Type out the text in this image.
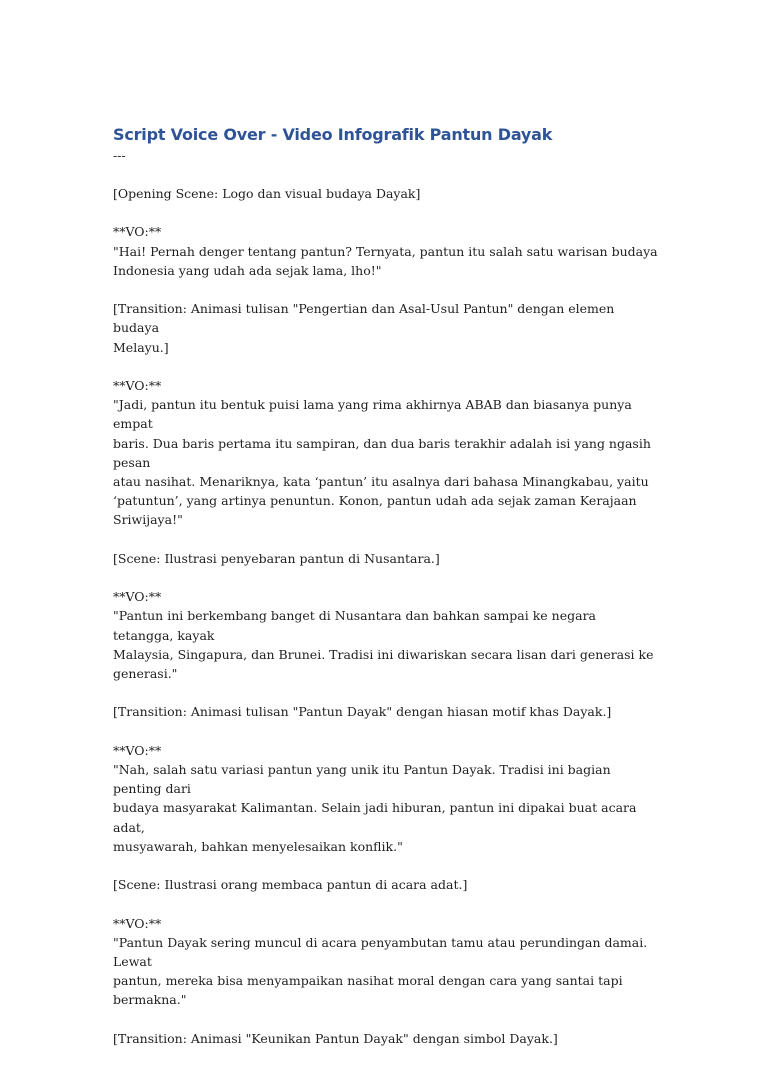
Script Voice Over - Video Infografik Pantun Dayak
---
[Opening Scene: Logo dan visual budaya Dayak]
**VO:**
"Hai! Pernah denger tentang pantun? Ternyata, pantun itu salah satu warisan budaya
Indonesia yang udah ada sejak lama, lho!"
[Transition: Animasi tulisan "Pengertian dan Asal-Usul Pantun" dengan elemen budaya
Melayu.]
**VO:**
"Jadi, pantun itu bentuk puisi lama yang rima akhirnya ABAB dan biasanya punya empat
baris. Dua baris pertama itu sampiran, dan dua baris terakhir adalah isi yang ngasih pesan
atau nasihat. Menariknya, kata ‘pantun’ itu asalnya dari bahasa Minangkabau, yaitu
‘patuntun’, yang artinya penuntun. Konon, pantun udah ada sejak zaman Kerajaan
Sriwijaya!"
[Scene: Ilustrasi penyebaran pantun di Nusantara.]
**VO:**
"Pantun ini berkembang banget di Nusantara dan bahkan sampai ke negara tetangga, kayak
Malaysia, Singapura, dan Brunei. Tradisi ini diwariskan secara lisan dari generasi ke
generasi."
[Transition: Animasi tulisan "Pantun Dayak" dengan hiasan motif khas Dayak.]
**VO:**
"Nah, salah satu variasi pantun yang unik itu Pantun Dayak. Tradisi ini bagian penting dari
budaya masyarakat Kalimantan. Selain jadi hiburan, pantun ini dipakai buat acara adat,
musyawarah, bahkan menyelesaikan konflik."
[Scene: Ilustrasi orang membaca pantun di acara adat.]
**VO:**
"Pantun Dayak sering muncul di acara penyambutan tamu atau perundingan damai. Lewat
pantun, mereka bisa menyampaikan nasihat moral dengan cara yang santai tapi bermakna."
[Transition: Animasi "Keunikan Pantun Dayak" dengan simbol Dayak.]
